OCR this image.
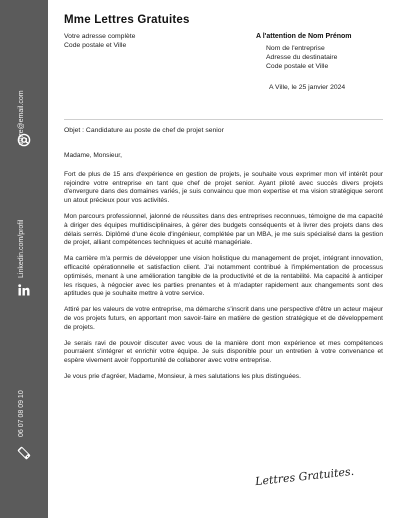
votre@email.com
Linkedin.com/profil
06 07 08 09 10
Mme Lettres Gratuites
Votre adresse complète
Code postale et Ville
A l'attention de Nom Prénom
Nom de l'entreprise
Adresse du destinataire
Code postale et Ville
A Ville, le 25 janvier 2024
Objet : Candidature au poste de chef de projet senior

Madame, Monsieur,

Fort de plus de 15 ans d'expérience en gestion de projets, je souhaite vous exprimer mon vif intérêt pour rejoindre votre entreprise en tant que chef de projet senior. Ayant piloté avec succès divers projets d'envergure dans des domaines variés, je suis convaincu que mon expertise et ma vision stratégique seront un atout précieux pour vos activités.

Mon parcours professionnel, jalonné de réussites dans des entreprises reconnues, témoigne de ma capacité à diriger des équipes multidisciplinaires, à gérer des budgets conséquents et à livrer des projets dans des délais serrés. Diplômé d'une école d'ingénieur, complétée par un MBA, je me suis spécialisé dans la gestion de projet, alliant compétences techniques et acuité managériale.

Ma carrière m'a permis de développer une vision holistique du management de projet, intégrant innovation, efficacité opérationnelle et satisfaction client. J'ai notamment contribué à l'implémentation de processus optimisés, menant à une amélioration tangible de la productivité et de la rentabilité. Ma capacité à anticiper les risques, à négocier avec les parties prenantes et à m'adapter rapidement aux changements sont des aptitudes que je souhaite mettre à votre service.

Attiré par les valeurs de votre entreprise, ma démarche s'inscrit dans une perspective d'être un acteur majeur de vos projets futurs, en apportant mon savoir-faire en matière de gestion stratégique et de développement de projets.

Je serais ravi de pouvoir discuter avec vous de la manière dont mon expérience et mes compétences pourraient s'intégrer et enrichir votre équipe. Je suis disponible pour un entretien à votre convenance et espère vivement avoir l'opportunité de collaborer avec votre entreprise.

Je vous prie d'agréer, Madame, Monsieur, à mes salutations les plus distinguées.

Lettres Gratuites.
